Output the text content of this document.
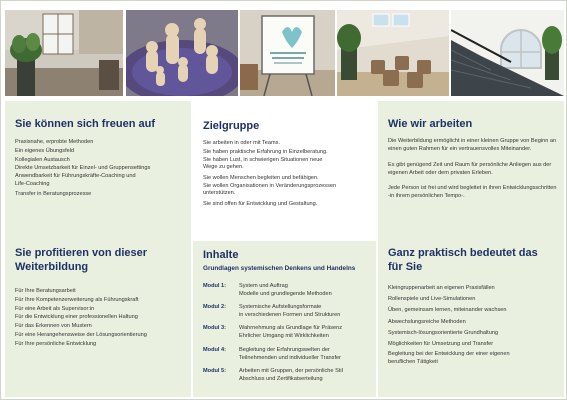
Sie können sich freuen auf
Praxisnahe, erprobte Methoden
Ein eigenes Übungsfeld
Kollegialen Austausch
Direkte Umsetzbarkeit für Einzel- und Gruppensettings
Anwendbarkeit für Führungskräfte-Coaching und
Life-Coaching
Transfer in Beratungsprozesse
Sie profitieren von dieser
Weiterbildung
Für Ihre Beratungsarbeit
Für Ihre Kompetenzerweiterung als Führungskraft
Für eine Arbeit als Supervisor:in
Für die Entwicklung einer professionellen Haltung
Für das Erkennen von Mustern
Für eine Herangehensweise der Lösungsorientierung
Für Ihre persönliche Entwicklung
Zielgruppe
Sie arbeiten in oder mit Teams.
Sie haben praktische Erfahrung in Einzelberatung.
Sie haben Lust, in schwierigen Situationen neue
Wege zu gehen.
Sie wollen Menschen begleiten und befähigen.
Sie wollen Organisationen in Veränderungsprozessen
unterstützen.
Sie sind offen für Entwicklung und Gestaltung.
Inhalte
Grundlagen systemischen Denkens und Handelns
Modul 1:	System und Auftrag
Modelle und grundlegende Methoden
Modul 2:	Systemische Aufstellungsformate
in verschiedenen Formen und Strukturen
Modul 3:	Wahrnehmung als Grundlage für Präsenz
Ehrlicher Umgang mit Wirklichkeiten
Modul 4:	Begleitung der Erfahrungswelten der
Teilnehmenden und individueller Transfer
Modul 5:	Arbeiten mit Gruppen, der persönliche Stil
Abschluss und Zertifikatserteilung
Wie wir arbeiten

Die Weiterbildung ermöglicht in einer kleinen Gruppe von Beginn an einen guten Rahmen für ein vertrauensvolles Miteinander.

Es gibt genügend Zeit und Raum für persönliche Anliegen aus der eigenen Arbeit oder dem privaten Erleben.

Jede Person ist frei und wird begleitet in ihren Entwicklungsschritten -in ihrem persönlichen Tempo-.

Ganz praktisch bedeutet das
für Sie
Kleingruppenarbeit an eigenen Praxisfällen
Rollenspiele und Live-Simulationen
Üben, gemeinsam lernen, miteinander wachsen
Abwechslungsreiche Methoden
Systemisch-lösungsorientierte Grundhaltung
Möglichkeiten für Umsetzung und Transfer
Begleitung bei der Entwicklung der einer eigenen
beruflichen Tätigkeit
